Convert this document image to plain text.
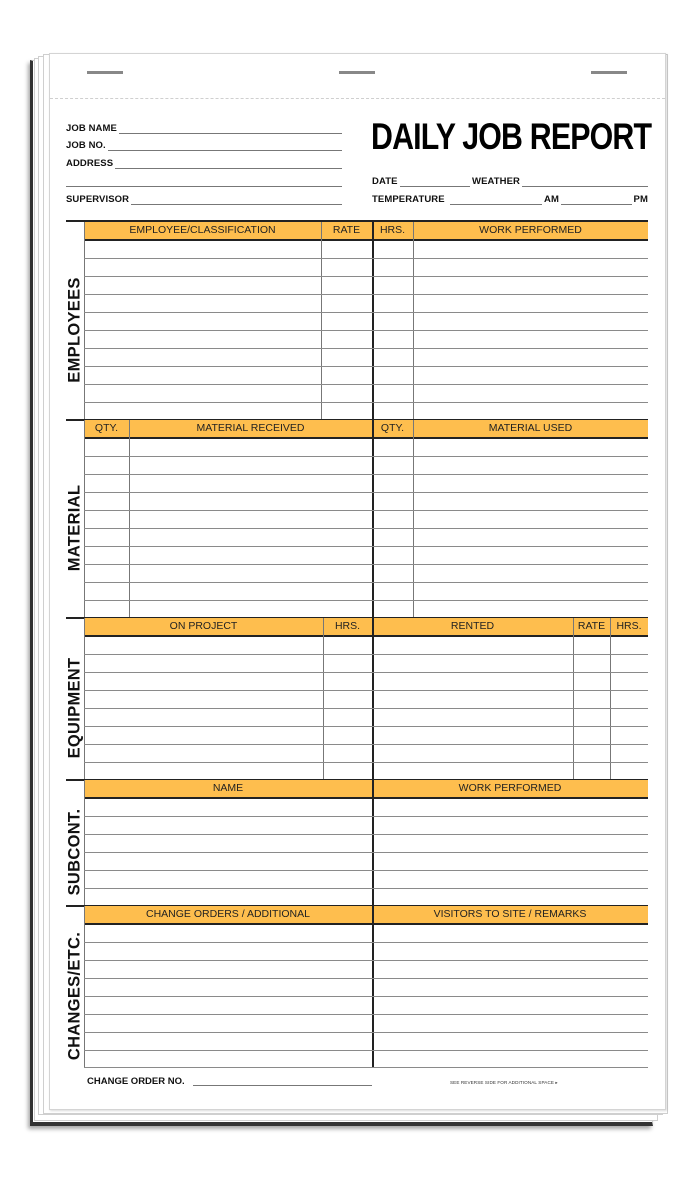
JOB NAME
JOB NO.
ADDRESS
SUPERVISOR
DAILY JOB REPORT
DATE	WEATHER
TEMPERATURE	AM	PM
EMPLOYEES
EMPLOYEE/CLASSIFICATION	RATE	HRS.	WORK PERFORMED
MATERIAL
QTY.	MATERIAL RECEIVED	QTY.	MATERIAL USED
EQUIPMENT
ON PROJECT	HRS.	RENTED	RATE	HRS.
SUBCONT.
NAME	WORK PERFORMED
CHANGES/ETC.
CHANGE ORDERS / ADDITIONAL	VISITORS TO SITE / REMARKS
CHANGE ORDER NO.	SEE REVERSE SIDE FOR ADDITIONAL SPACE ▸
